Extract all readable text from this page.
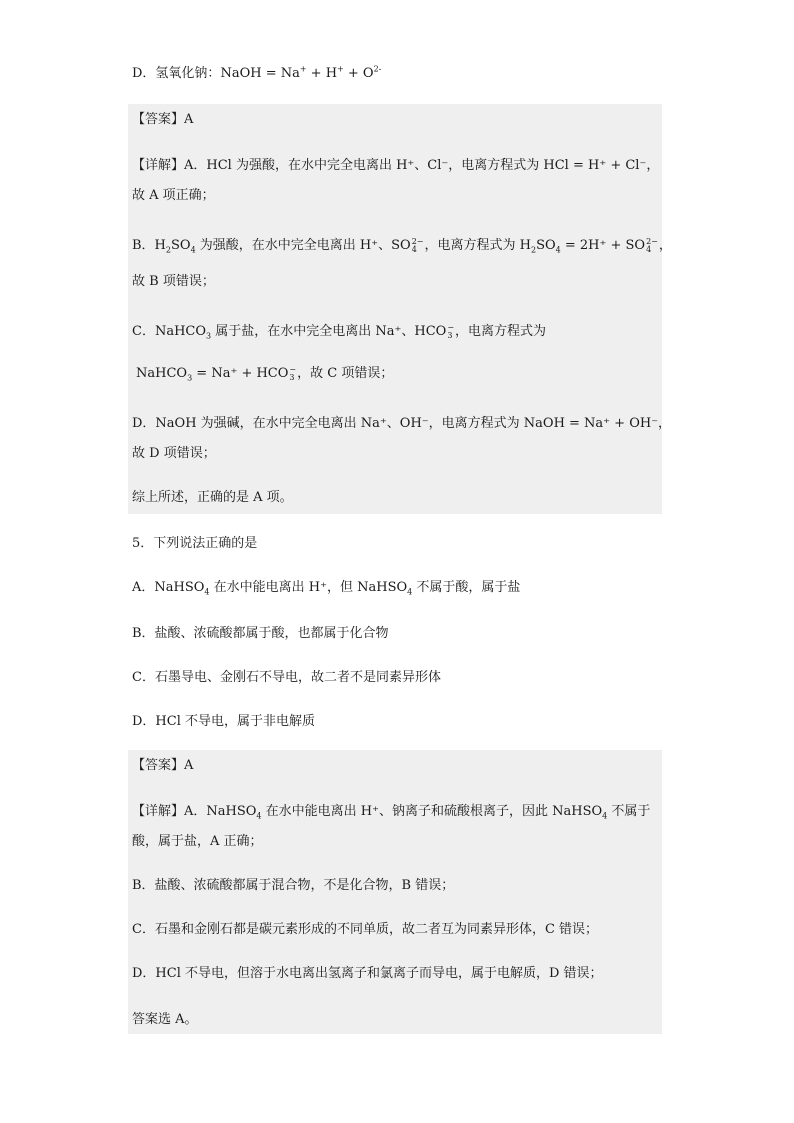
D．氢氧化钠：NaOH = $Na^+ + H^+ + O^{2-}$
【答案】A
【详解】A．HCl 为强酸，在水中完全电离出 H⁺、Cl⁻，电离方程式为 HCl = H⁺ + Cl⁻，
故 A 项正确；
B．$H_2SO_4$ 为强酸，在水中完全电离出 H⁺、SO 2−
4 ，电离方程式为 $H_2SO_4 = 2H^+$ + SO 2−
4 ，
故 B 项错误；
C．NaHCO$_3$ 属于盐，在水中完全电离出 Na⁺、HCO −
3 ，电离方程式为
NaHCO$_3$ = Na⁺ + HCO −
3 ，故 C 项错误；
D．NaOH 为强碱，在水中完全电离出 Na⁺、OH⁻，电离方程式为 NaOH = Na⁺ + OH⁻，
故 D 项错误；
综上所述，正确的是 A 项。
5．下列说法正确的是
A．NaHSO$_4$ 在水中能电离出 H⁺，但 NaHSO$_4$ 不属于酸，属于盐
B．盐酸、浓硫酸都属于酸，也都属于化合物
C．石墨导电、金刚石不导电，故二者不是同素异形体
D．HCl 不导电，属于非电解质
【答案】A
【详解】A．NaHSO$_4$ 在水中能电离出 H⁺、钠离子和硫酸根离子，因此 NaHSO$_4$ 不属于
酸，属于盐，A 正确；
B．盐酸、浓硫酸都属于混合物，不是化合物，B 错误；
C．石墨和金刚石都是碳元素形成的不同单质，故二者互为同素异形体，C 错误；
D．HCl 不导电，但溶于水电离出氢离子和氯离子而导电，属于电解质，D 错误；
答案选 A。
